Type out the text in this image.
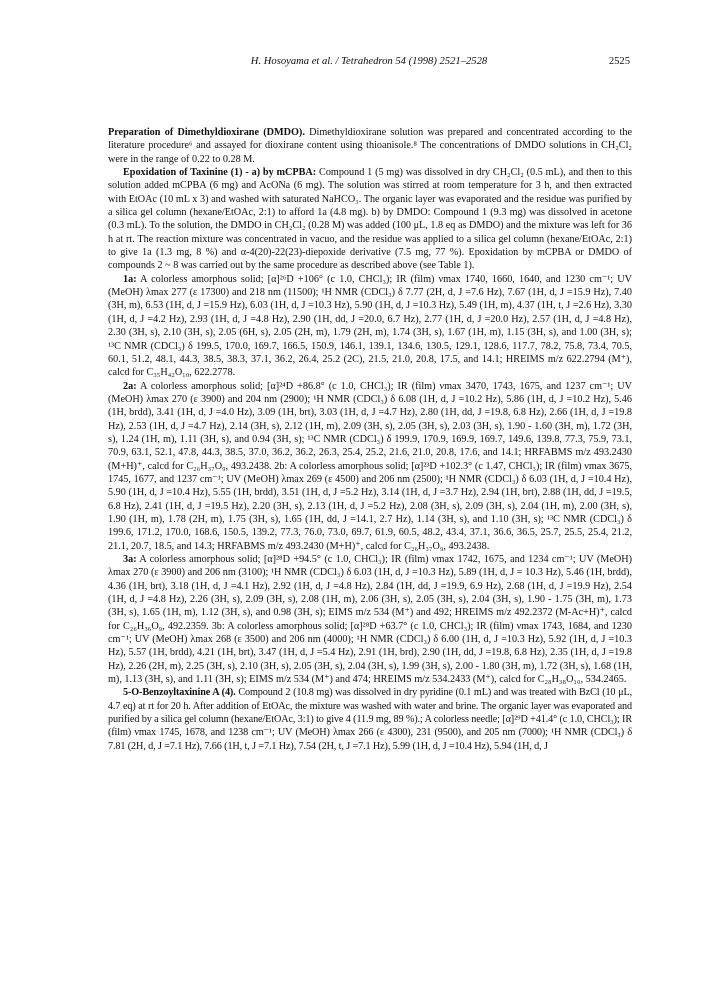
H. Hosoyama et al. / Tetrahedron 54 (1998) 2521–2528	2525

Preparation of Dimethyldioxirane (DMDO). Dimethyldioxirane solution was prepared and concentrated according to the literature procedure⁶ and assayed for dioxirane content using thioanisole.⁸ The concentrations of DMDO solutions in CH₂Cl₂ were in the range of 0.22 to 0.28 M.

Epoxidation of Taxinine (1) - a) by mCPBA: Compound 1 (5 mg) was dissolved in dry CH₂Cl₂ (0.5 mL), and then to this solution added mCPBA (6 mg) and AcONa (6 mg). The solution was stirred at room temperature for 3 h, and then extracted with EtOAc (10 mL x 3) and washed with saturated NaHCO₃. The organic layer was evaporated and the residue was purified by a silica gel column (hexane/EtOAc, 2:1) to afford 1a (4.8 mg). b) by DMDO: Compound 1 (9.3 mg) was dissolved in acetone (0.3 mL). To the solution, the DMDO in CH₂Cl₂ (0.28 M) was added (100 μL, 1.8 eq as DMDO) and the mixture was left for 36 h at rt. The reaction mixture was concentrated in vacuo, and the residue was applied to a silica gel column (hexane/EtOAc, 2:1) to give 1a (1.3 mg, 8 %) and α-4(20)-22(23)-diepoxide derivative (7.5 mg, 77 %). Epoxidation by mCPBA or DMDO of compounds 2 ~ 8 was carried out by the same procedure as described above (see Table 1).

1a: A colorless amorphous solid; [α]²⁶D +106° (c 1.0, CHCl₃); IR (film) νmax 1740, 1660, 1640, and 1230 cm⁻¹; UV (MeOH) λmax 277 (ε 17300) and 218 nm (11500); ¹H NMR (CDCl₃) δ 7.77 (2H, d, J =7.6 Hz), 7.67 (1H, d, J =15.9 Hz), 7.40 (3H, m), 6.53 (1H, d, J =15.9 Hz), 6.03 (1H, d, J =10.3 Hz), 5.90 (1H, d, J =10.3 Hz), 5.49 (1H, m), 4.37 (1H, t, J =2.6 Hz), 3.30 (1H, d, J =4.2 Hz), 2.93 (1H, d, J =4.8 Hz), 2.90 (1H, dd, J =20.0, 6.7 Hz), 2.77 (1H, d, J =20.0 Hz), 2.57 (1H, d, J =4.8 Hz), 2.30 (3H, s), 2.10 (3H, s), 2.05 (6H, s), 2.05 (2H, m), 1.79 (2H, m), 1.74 (3H, s), 1.67 (1H, m), 1.15 (3H, s), and 1.00 (3H, s); ¹³C NMR (CDCl₃) δ 199.5, 170.0, 169.7, 166.5, 150.9, 146.1, 139.1, 134.6, 130.5, 129.1, 128.6, 117.7, 78.2, 75.8, 73.4, 70.5, 60.1, 51.2, 48.1, 44.3, 38.5, 38.3, 37.1, 36.2, 26.4, 25.2 (2C), 21.5, 21.0, 20.8, 17.5, and 14.1; HREIMS m/z 622.2794 (M⁺), calcd for C₃₅H₄₂O₁₀, 622.2778.

2a: A colorless amorphous solid; [α]²⁴D +86.8° (c 1.0, CHCl₃); IR (film) νmax 3470, 1743, 1675, and 1237 cm⁻¹; UV (MeOH) λmax 270 (ε 3900) and 204 nm (2900); ¹H NMR (CDCl₃) δ 6.08 (1H, d, J =10.2 Hz), 5.86 (1H, d, J =10.2 Hz), 5.46 (1H, brdd), 3.41 (1H, d, J =4.0 Hz), 3.09 (1H, brt), 3.03 (1H, d, J =4.7 Hz), 2.80 (1H, dd, J =19.8, 6.8 Hz), 2.66 (1H, d, J =19.8 Hz), 2.53 (1H, d, J =4.7 Hz), 2.14 (3H, s), 2.12 (1H, m), 2.09 (3H, s), 2.05 (3H, s), 2.03 (3H, s), 1.90 - 1.60 (3H, m), 1.72 (3H, s), 1.24 (1H, m), 1.11 (3H, s), and 0.94 (3H, s); ¹³C NMR (CDCl₃) δ 199.9, 170.9, 169.9, 169.7, 149.6, 139.8, 77.3, 75.9, 73.1, 70.9, 63.1, 52.1, 47.8, 44.3, 38.5, 37.0, 36.2, 36.2, 26.3, 25.4, 25.2, 21.6, 21.0, 20.8, 17.6, and 14.1; HRFABMS m/z 493.2430 (M+H)⁺, calcd for C₂₆H₃₇O₉, 493.2438. 2b: A colorless amorphous solid; [α]²³D +102.3° (c 1.47, CHCl₃); IR (film) νmax 3675, 1745, 1677, and 1237 cm⁻¹; UV (MeOH) λmax 269 (ε 4500) and 206 nm (2500); ¹H NMR (CDCl₃) δ 6.03 (1H, d, J =10.4 Hz), 5.90 (1H, d, J =10.4 Hz), 5.55 (1H, brdd), 3.51 (1H, d, J =5.2 Hz), 3.14 (1H, d, J =3.7 Hz), 2.94 (1H, brt), 2.88 (1H, dd, J =19.5, 6.8 Hz), 2.41 (1H, d, J =19.5 Hz), 2.20 (3H, s), 2.13 (1H, d, J =5.2 Hz), 2.08 (3H, s), 2.09 (3H, s), 2.04 (1H, m), 2.00 (3H, s), 1.90 (1H, m), 1.78 (2H, m), 1.75 (3H, s), 1.65 (1H, dd, J =14.1, 2.7 Hz), 1.14 (3H, s), and 1.10 (3H, s); ¹³C NMR (CDCl₃) δ 199.6, 171.2, 170.0, 168.6, 150.5, 139.2, 77.3, 76.0, 73.0, 69.7, 61.9, 60.5, 48.2, 43.4, 37.1, 36.6, 36.5, 25.7, 25.5, 25.4, 21.2, 21.1, 20.7, 18.5, and 14.3; HRFABMS m/z 493.2430 (M+H)⁺, calcd for C₂₆H₃₇O₉, 493.2438.

3a: A colorless amorphous solid; [α]²⁸D +94.5° (c 1.0, CHCl₃); IR (film) νmax 1742, 1675, and 1234 cm⁻¹; UV (MeOH) λmax 270 (ε 3900) and 206 nm (3100); ¹H NMR (CDCl₃) δ 6.03 (1H, d, J =10.3 Hz), 5.89 (1H, d, J = 10.3 Hz), 5.46 (1H, brdd), 4.36 (1H, brt), 3.18 (1H, d, J =4.1 Hz), 2.92 (1H, d, J =4.8 Hz), 2.84 (1H, dd, J =19.9, 6.9 Hz), 2.68 (1H, d, J =19.9 Hz), 2.54 (1H, d, J =4.8 Hz), 2.26 (3H, s), 2.09 (3H, s), 2.08 (1H, m), 2.06 (3H, s), 2.05 (3H, s), 2.04 (3H, s), 1.90 - 1.75 (3H, m), 1.73 (3H, s), 1.65 (1H, m), 1.12 (3H, s), and 0.98 (3H, s); EIMS m/z 534 (M⁺) and 492; HREIMS m/z 492.2372 (M-Ac+H)⁺, calcd for C₂₆H₃₆O₉, 492.2359. 3b: A colorless amorphous solid; [α]²⁸D +63.7° (c 1.0, CHCl₃); IR (film) νmax 1743, 1684, and 1230 cm⁻¹; UV (MeOH) λmax 268 (ε 3500) and 206 nm (4000); ¹H NMR (CDCl₃) δ 6.00 (1H, d, J =10.3 Hz), 5.92 (1H, d, J =10.3 Hz), 5.57 (1H, brdd), 4.21 (1H, brt), 3.47 (1H, d, J =5.4 Hz), 2.91 (1H, brd), 2.90 (1H, dd, J =19.8, 6.8 Hz), 2.35 (1H, d, J =19.8 Hz), 2.26 (2H, m), 2.25 (3H, s), 2.10 (3H, s), 2.05 (3H, s), 2.04 (3H, s), 1.99 (3H, s), 2.00 - 1.80 (3H, m), 1.72 (3H, s), 1.68 (1H, m), 1.13 (3H, s), and 1.11 (3H, s); EIMS m/z 534 (M⁺) and 474; HREIMS m/z 534.2433 (M⁺), calcd for C₂₈H₃₈O₁₀, 534.2465.

5-O-Benzoyltaxinine A (4). Compound 2 (10.8 mg) was dissolved in dry pyridine (0.1 mL) and was treated with BzCl (10 μL, 4.7 eq) at rt for 20 h. After addition of EtOAc, the mixture was washed with water and brine. The organic layer was evaporated and purified by a silica gel column (hexane/EtOAc, 3:1) to give 4 (11.9 mg, 89 %).; A colorless needle; [α]²⁹D +41.4° (c 1.0, CHCl₃); IR (film) νmax 1745, 1678, and 1238 cm⁻¹; UV (MeOH) λmax 266 (ε 4300), 231 (9500), and 205 nm (7000); ¹H NMR (CDCl₃) δ 7.81 (2H, d, J =7.1 Hz), 7.66 (1H, t, J =7.1 Hz), 7.54 (2H, t, J =7.1 Hz), 5.99 (1H, d, J =10.4 Hz), 5.94 (1H, d, J
